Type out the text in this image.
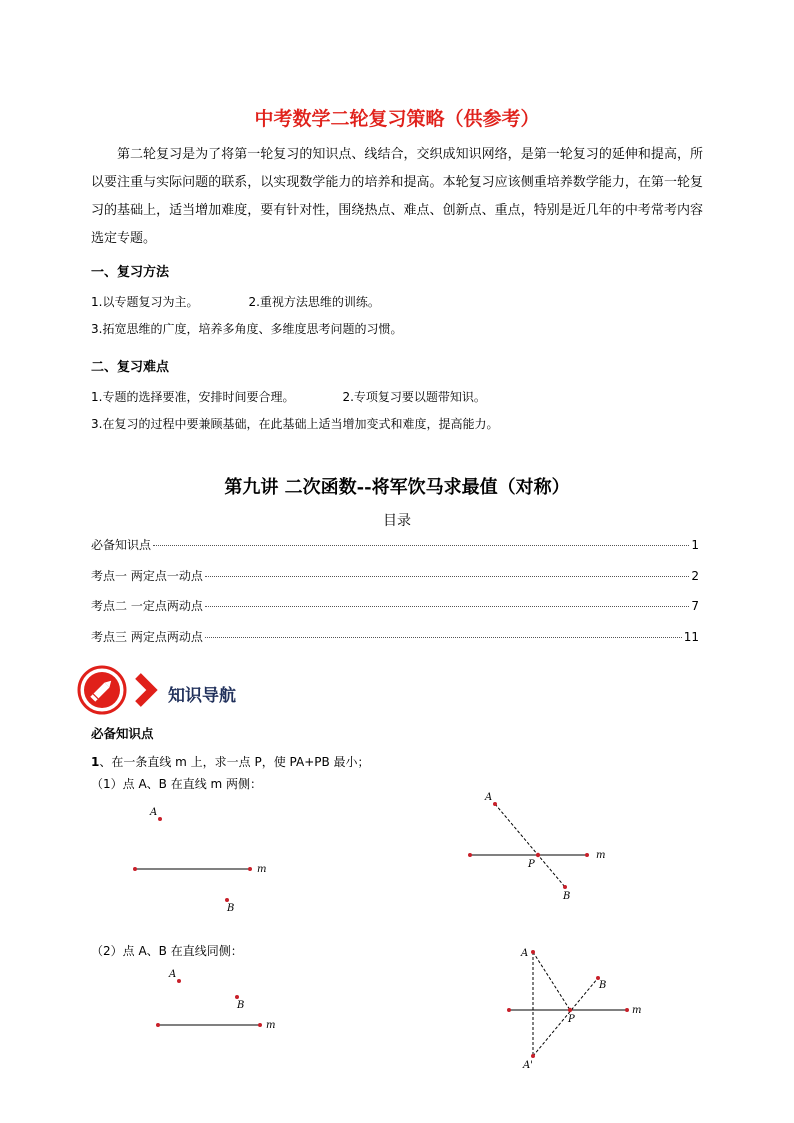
中考数学二轮复习策略（供参考）
第二轮复习是为了将第一轮复习的知识点、线结合，交织成知识网络，是第一轮复习的延伸和提高，所以要注重与实际问题的联系，以实现数学能力的培养和提高。本轮复习应该侧重培养数学能力，在第一轮复习的基础上，适当增加难度，要有针对性，围绕热点、难点、创新点、重点，特别是近几年的中考常考内容选定专题。
一、复习方法
1.以专题复习为主。	2.重视方法思维的训练。
3.拓宽思维的广度，培养多角度、多维度思考问题的习惯。
二、复习难点
1.专题的选择要准，安排时间要合理。	2.专项复习要以题带知识。
3.在复习的过程中要兼顾基础，在此基础上适当增加变式和难度，提高能力。
第九讲 二次函数--将军饮马求最值（对称）
目录
必备知识点	1
考点一 两定点一动点	2
考点二 一定点两动点	7
考点三 两定点两动点	11
知识导航
必备知识点
1、在一条直线 m 上，求一点 P，使 PA+PB 最小；
（1）点 A、B 在直线 m 两侧：
（2）点 A、B 在直线同侧：
A
B
m
A
P
B
m
A
B
m
A
B
P
m
A'
